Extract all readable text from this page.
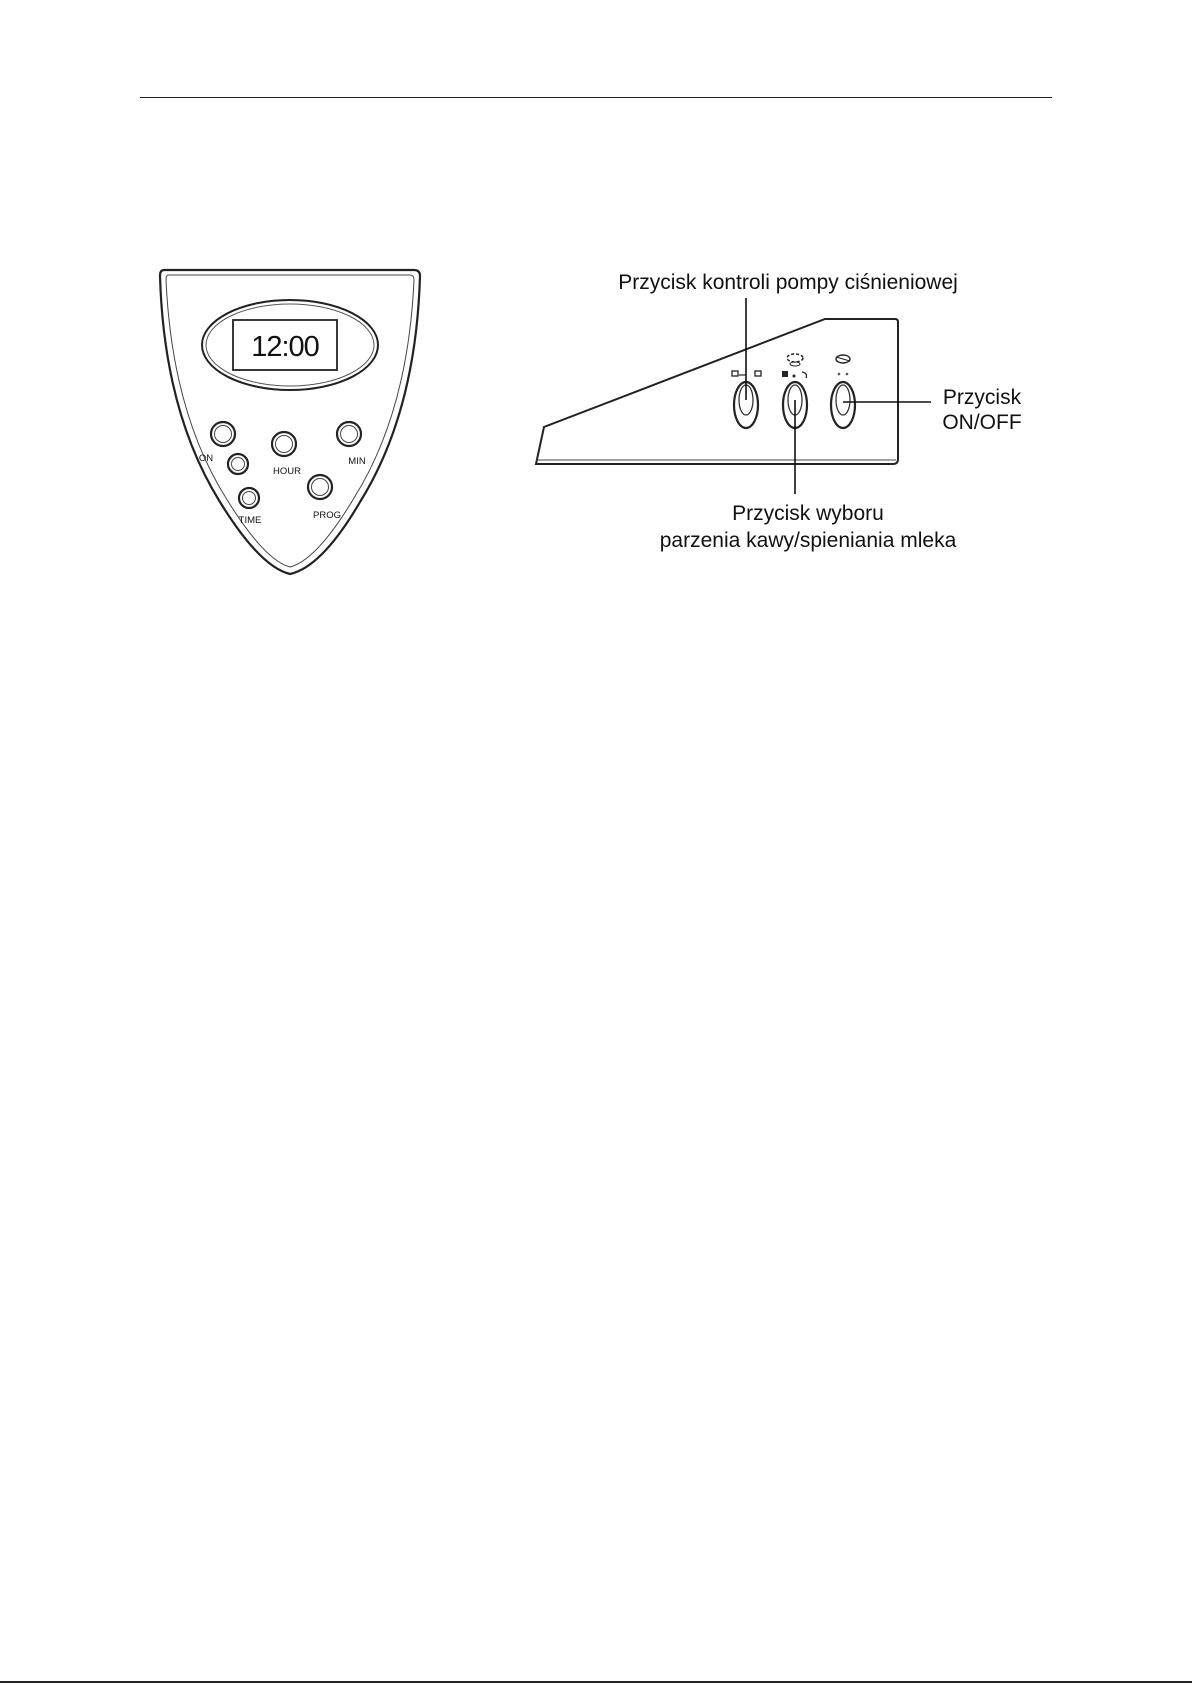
12:00
ON
TIME
HOUR
PROG
MIN
Przycisk kontroli pompy ciśnieniowej
Przycisk
ON/OFF
Przycisk wyboru
parzenia kawy/spieniania mleka
